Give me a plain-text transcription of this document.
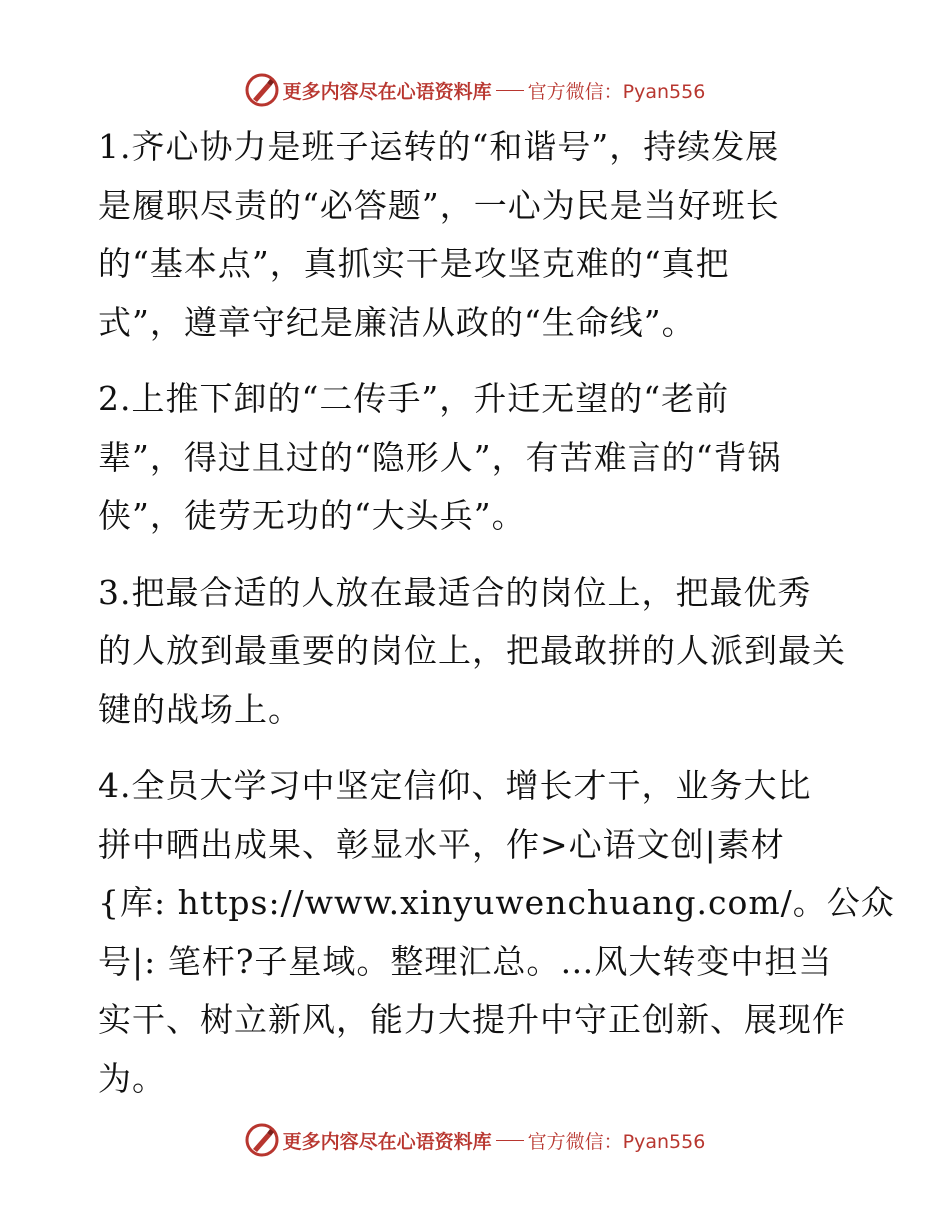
更多内容尽在心语资料库 官方微信：Pyan556

1.齐心协力是班子运转的“和谐号”，持续发展
是履职尽责的“必答题”，一心为民是当好班长
的“基本点”，真抓实干是攻坚克难的“真把
式”，遵章守纪是廉洁从政的“生命线”。

2.上推下卸的“二传手”，升迁无望的“老前
辈”，得过且过的“隐形人”，有苦难言的“背锅
侠”，徒劳无功的“大头兵”。

3.把最合适的人放在最适合的岗位上，把最优秀
的人放到最重要的岗位上，把最敢拼的人派到最关
键的战场上。

4.全员大学习中坚定信仰、增长才干，业务大比
拼中晒出成果、彰显水平，作>心语文创|素材
{库: https://www.xinyuwenchuang.com/。公众
号|: 笔杆?子星域。整理汇总。…风大转变中担当
实干、树立新风，能力大提升中守正创新、展现作
为。

更多内容尽在心语资料库 官方微信：Pyan556
